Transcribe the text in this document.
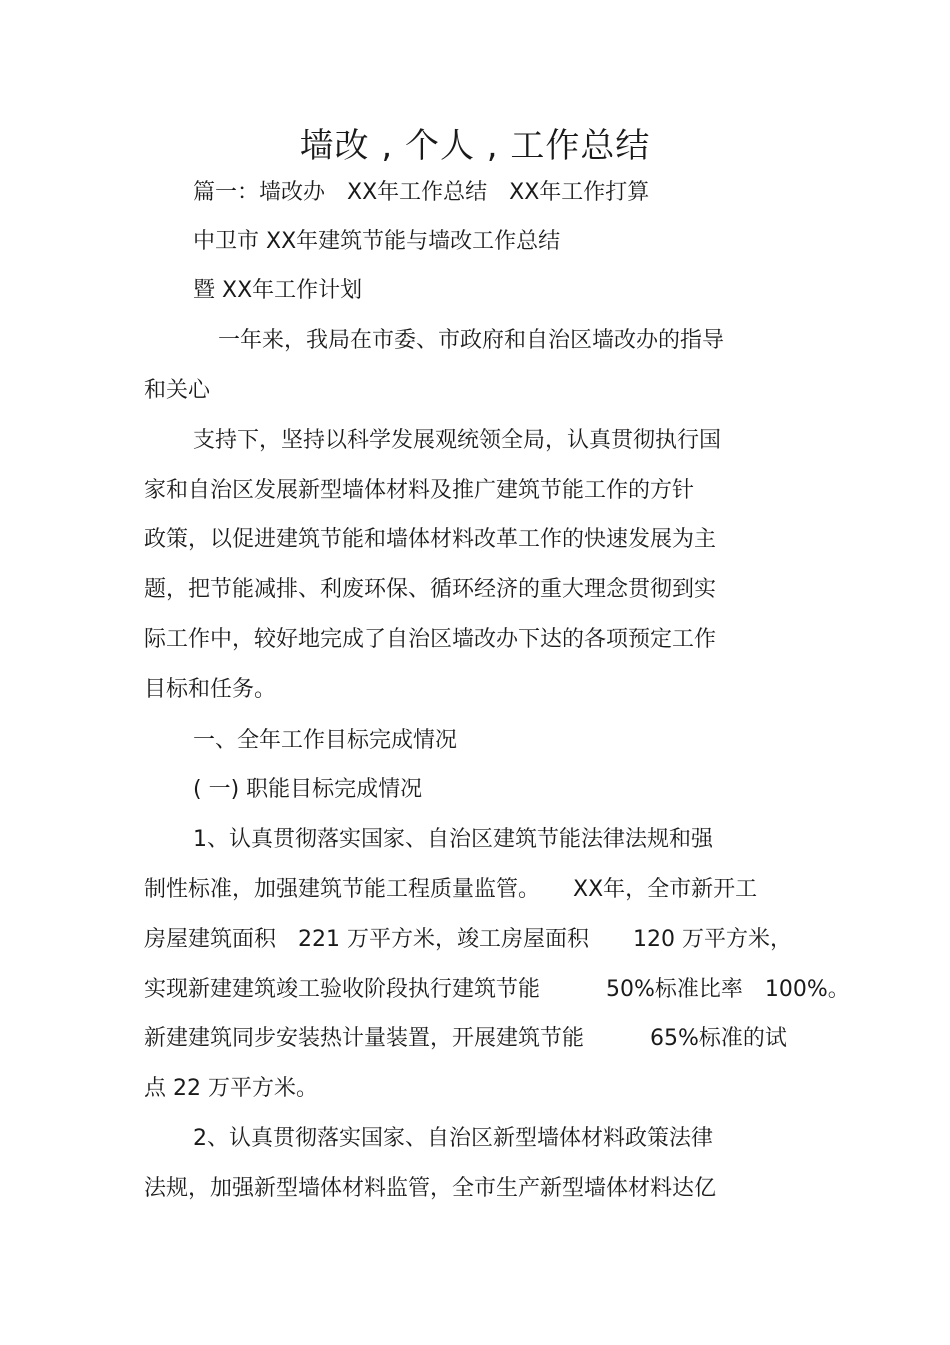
墙改 , 个人 , 工作总结
篇一：墙改办　XX年工作总结　XX年工作打算
中卫市 XX年建筑节能与墙改工作总结
暨 XX年工作计划
一年来，我局在市委、市政府和自治区墙改办的指导
和关心
支持下，坚持以科学发展观统领全局，认真贯彻执行国
家和自治区发展新型墙体材料及推广建筑节能工作的方针
政策，以促进建筑节能和墙体材料改革工作的快速发展为主
题，把节能减排、利废环保、循环经济的重大理念贯彻到实
际工作中，较好地完成了自治区墙改办下达的各项预定工作
目标和任务。
一、全年工作目标完成情况
( 一) 职能目标完成情况
1、认真贯彻落实国家、自治区建筑节能法律法规和强
制性标准，加强建筑节能工程质量监管。　　XX年，全市新开工
房屋建筑面积　221 万平方米，竣工房屋面积　　120 万平方米，
实现新建建筑竣工验收阶段执行建筑节能　　　50%标准比率　100%。
新建建筑同步安装热计量装置，开展建筑节能　　　65%标准的试
点 22 万平方米。
2、认真贯彻落实国家、自治区新型墙体材料政策法律
法规，加强新型墙体材料监管，全市生产新型墙体材料达亿
